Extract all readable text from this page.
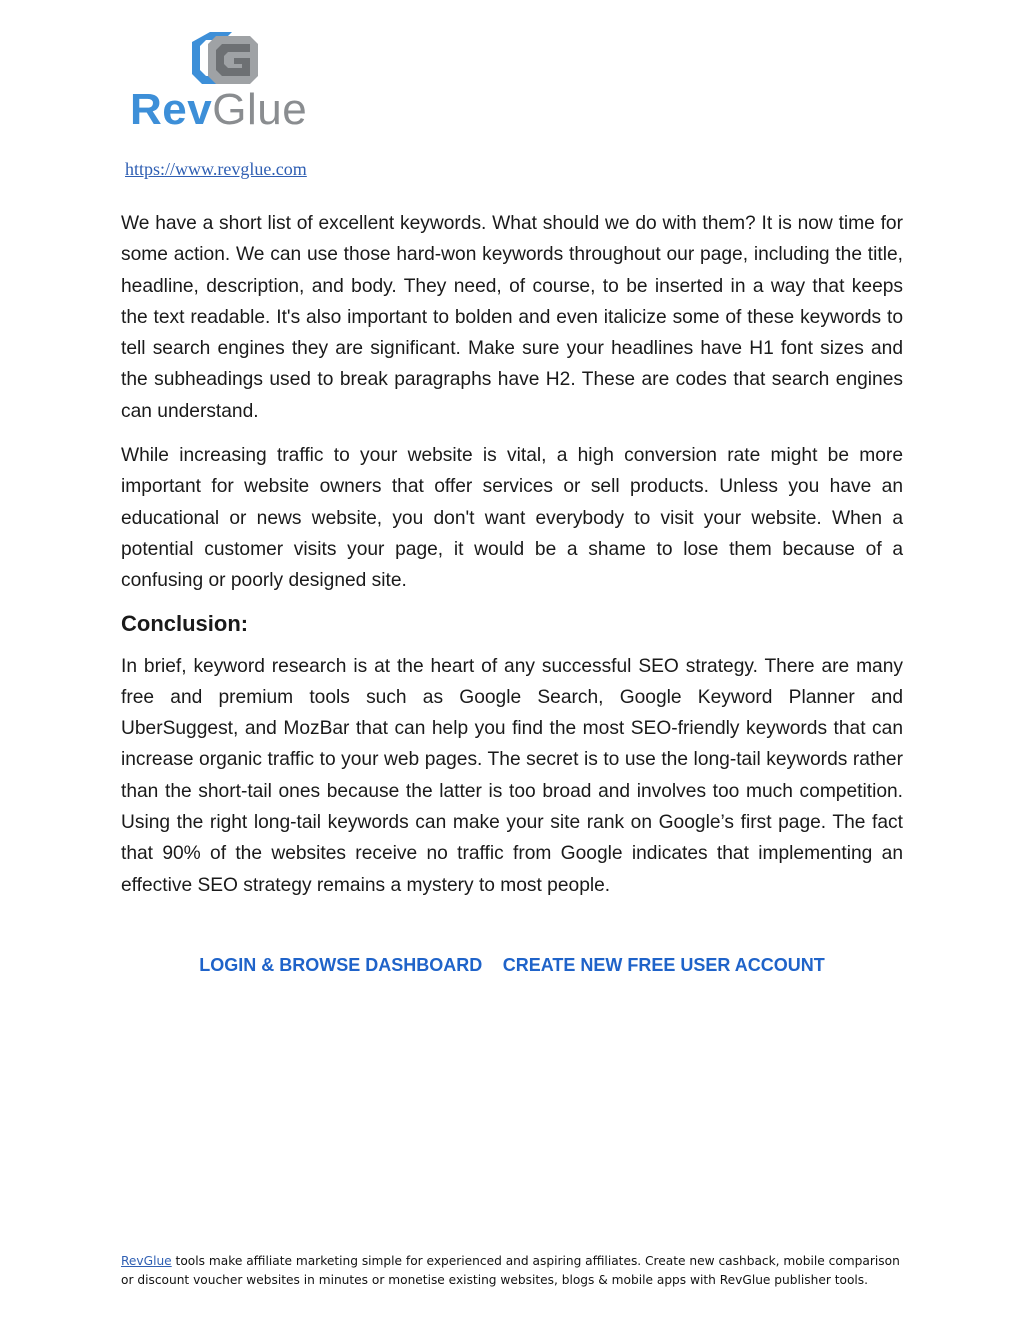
RevGlue
https://www.revglue.com

We have a short list of excellent keywords. What should we do with them? It is now time for some action. We can use those hard-won keywords throughout our page, including the title, headline, description, and body. They need, of course, to be inserted in a way that keeps the text readable. It's also important to bolden and even italicize some of these keywords to tell search engines they are significant. Make sure your headlines have H1 font sizes and the subheadings used to break paragraphs have H2. These are codes that search engines can understand.

While increasing traffic to your website is vital, a high conversion rate might be more important for website owners that offer services or sell products. Unless you have an educational or news website, you don't want everybody to visit your website. When a potential customer visits your page, it would be a shame to lose them because of a confusing or poorly designed site.

Conclusion:

In brief, keyword research is at the heart of any successful SEO strategy. There are many free and premium tools such as Google Search, Google Keyword Planner and UberSuggest, and MozBar that can help you find the most SEO-friendly keywords that can increase organic traffic to your web pages. The secret is to use the long-tail keywords rather than the short-tail ones because the latter is too broad and involves too much competition. Using the right long-tail keywords can make your site rank on Google’s first page. The fact that 90% of the websites receive no traffic from Google indicates that implementing an effective SEO strategy remains a mystery to most people.

LOGIN & BROWSE DASHBOARD CREATE NEW FREE USER ACCOUNT
RevGlue tools make affiliate marketing simple for experienced and aspiring affiliates. Create new cashback, mobile comparison or discount voucher websites in minutes or monetise existing websites, blogs & mobile apps with RevGlue publisher tools.
